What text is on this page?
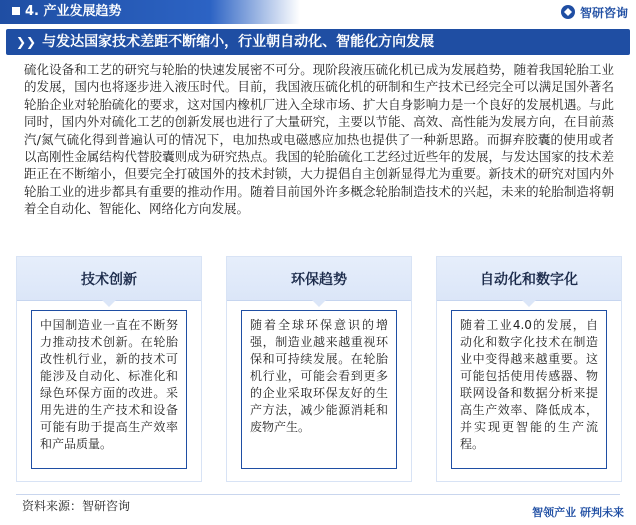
4. 产业发展趋势	智研咨询
❯❯ 与发达国家技术差距不断缩小，行业朝自动化、智能化方向发展

硫化设备和工艺的研究与轮胎的快速发展密不可分。现阶段液压硫化机已成为发展趋势，随着我国轮胎工业的发展，国内也将逐步进入液压时代。目前，我国液压硫化机的研制和生产技术已经完全可以满足国外著名轮胎企业对轮胎硫化的要求，这对国内橡机厂进入全球市场、扩大自身影响力是一个良好的发展机遇。与此同时，国内外对硫化工艺的创新发展也进行了大量研究，主要以节能、高效、高性能为发展方向，在目前蒸汽/氮气硫化得到普遍认可的情况下，电加热或电磁感应加热也提供了一种新思路。而摒弃胶囊的使用或者以高刚性金属结构代替胶囊则成为研究热点。我国的轮胎硫化工艺经过近些年的发展，与发达国家的技术差距正在不断缩小，但要完全打破国外的技术封锁，大力提倡自主创新显得尤为重要。新技术的研究对国内外轮胎工业的进步都具有重要的推动作用。随着目前国外许多概念轮胎制造技术的兴起，未来的轮胎制造将朝着全自动化、智能化、网络化方向发展。

技术创新
中国制造业一直在不断努力推动技术创新。在轮胎改性机行业，新的技术可能涉及自动化、标准化和绿色环保方面的改进。采用先进的生产技术和设备可能有助于提高生产效率和产品质量。
环保趋势
随着全球环保意识的增强，制造业越来越重视环保和可持续发展。在轮胎机行业，可能会看到更多的企业采取环保友好的生产方法，减少能源消耗和废物产生。
自动化和数字化
随着工业4.0的发展，自动化和数字化技术在制造业中变得越来越重要。这可能包括使用传感器、物联网设备和数据分析来提高生产效率、降低成本，并实现更智能的生产流程。
资料来源：智研咨询	智领产业 研判未来
